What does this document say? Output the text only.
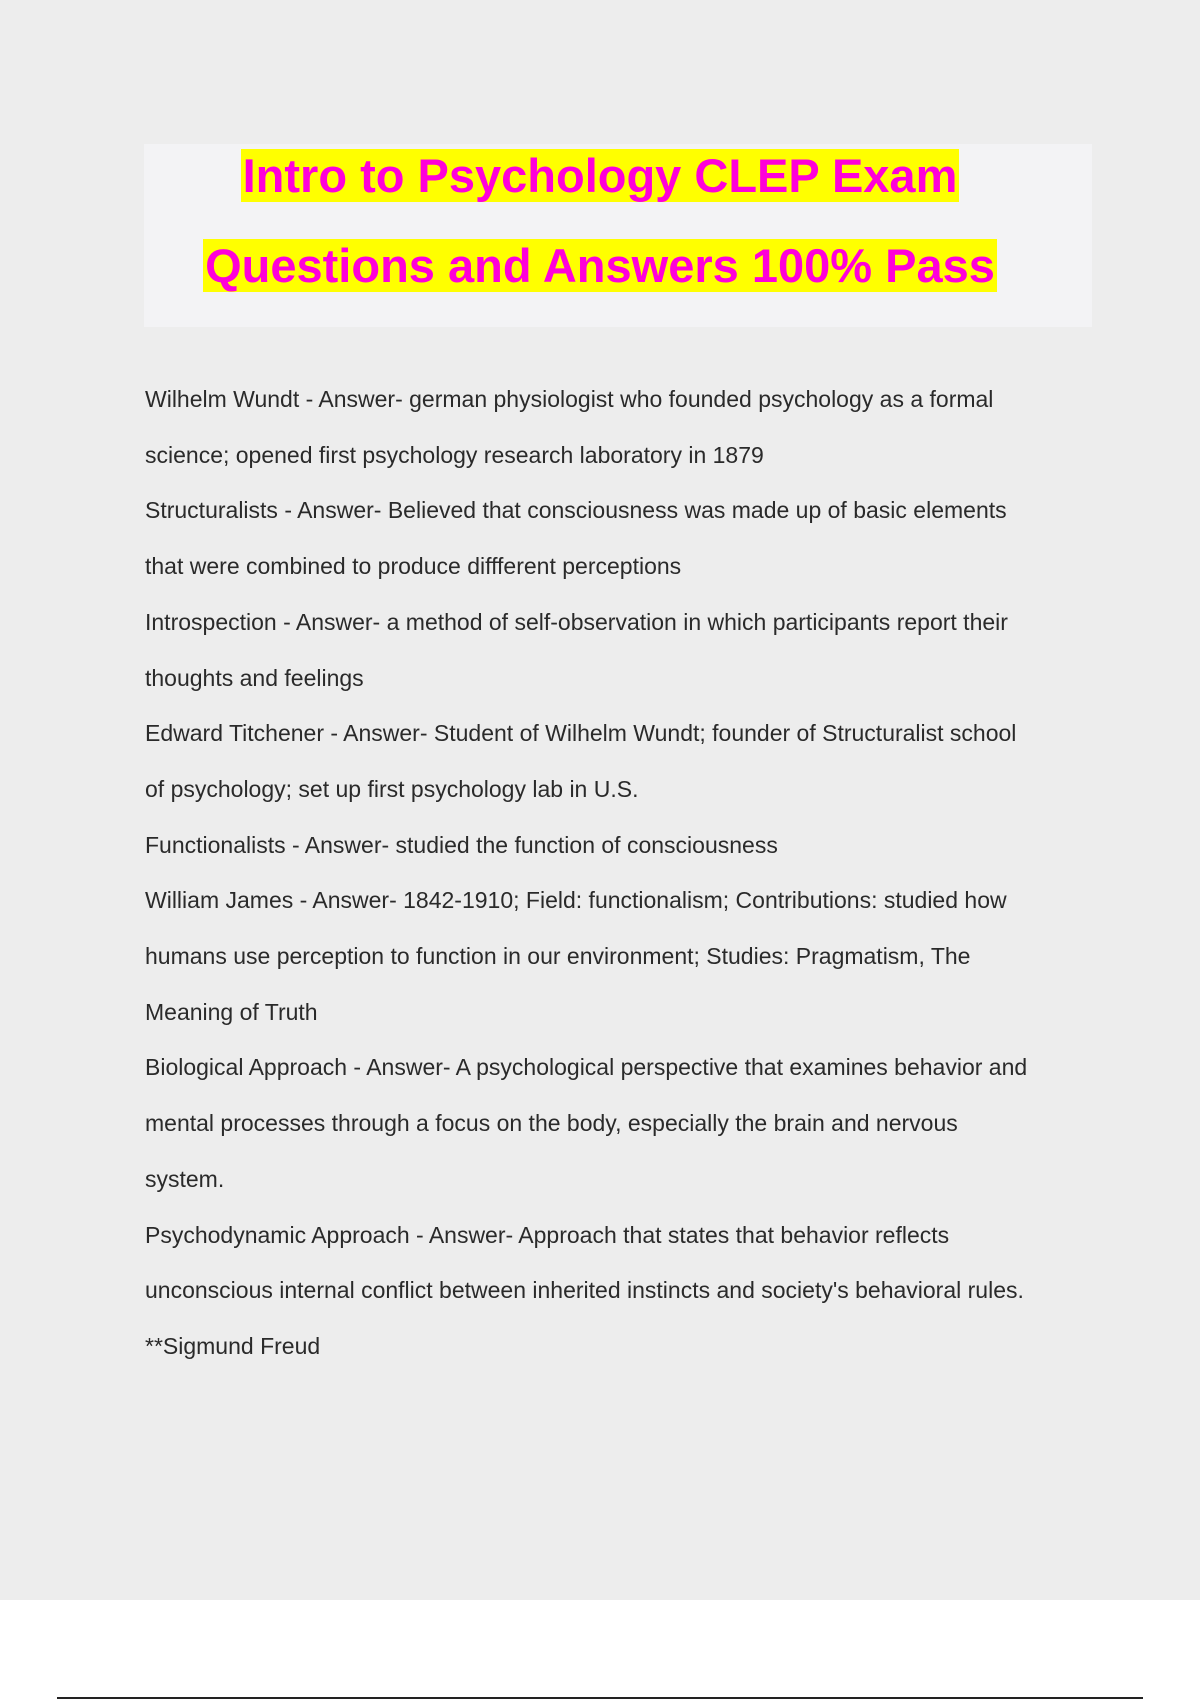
Intro to Psychology CLEP Exam
Questions and Answers 100% Pass
Wilhelm Wundt - Answer- german physiologist who founded psychology as a formal
science; opened first psychology research laboratory in 1879
Structuralists - Answer- Believed that consciousness was made up of basic elements
that were combined to produce diffferent perceptions
Introspection - Answer- a method of self-observation in which participants report their
thoughts and feelings
Edward Titchener - Answer- Student of Wilhelm Wundt; founder of Structuralist school
of psychology; set up first psychology lab in U.S.
Functionalists - Answer- studied the function of consciousness
William James - Answer- 1842-1910; Field: functionalism; Contributions: studied how
humans use perception to function in our environment; Studies: Pragmatism, The
Meaning of Truth
Biological Approach - Answer- A psychological perspective that examines behavior and
mental processes through a focus on the body, especially the brain and nervous
system.
Psychodynamic Approach - Answer- Approach that states that behavior reflects
unconscious internal conflict between inherited instincts and society's behavioral rules.
**Sigmund Freud
